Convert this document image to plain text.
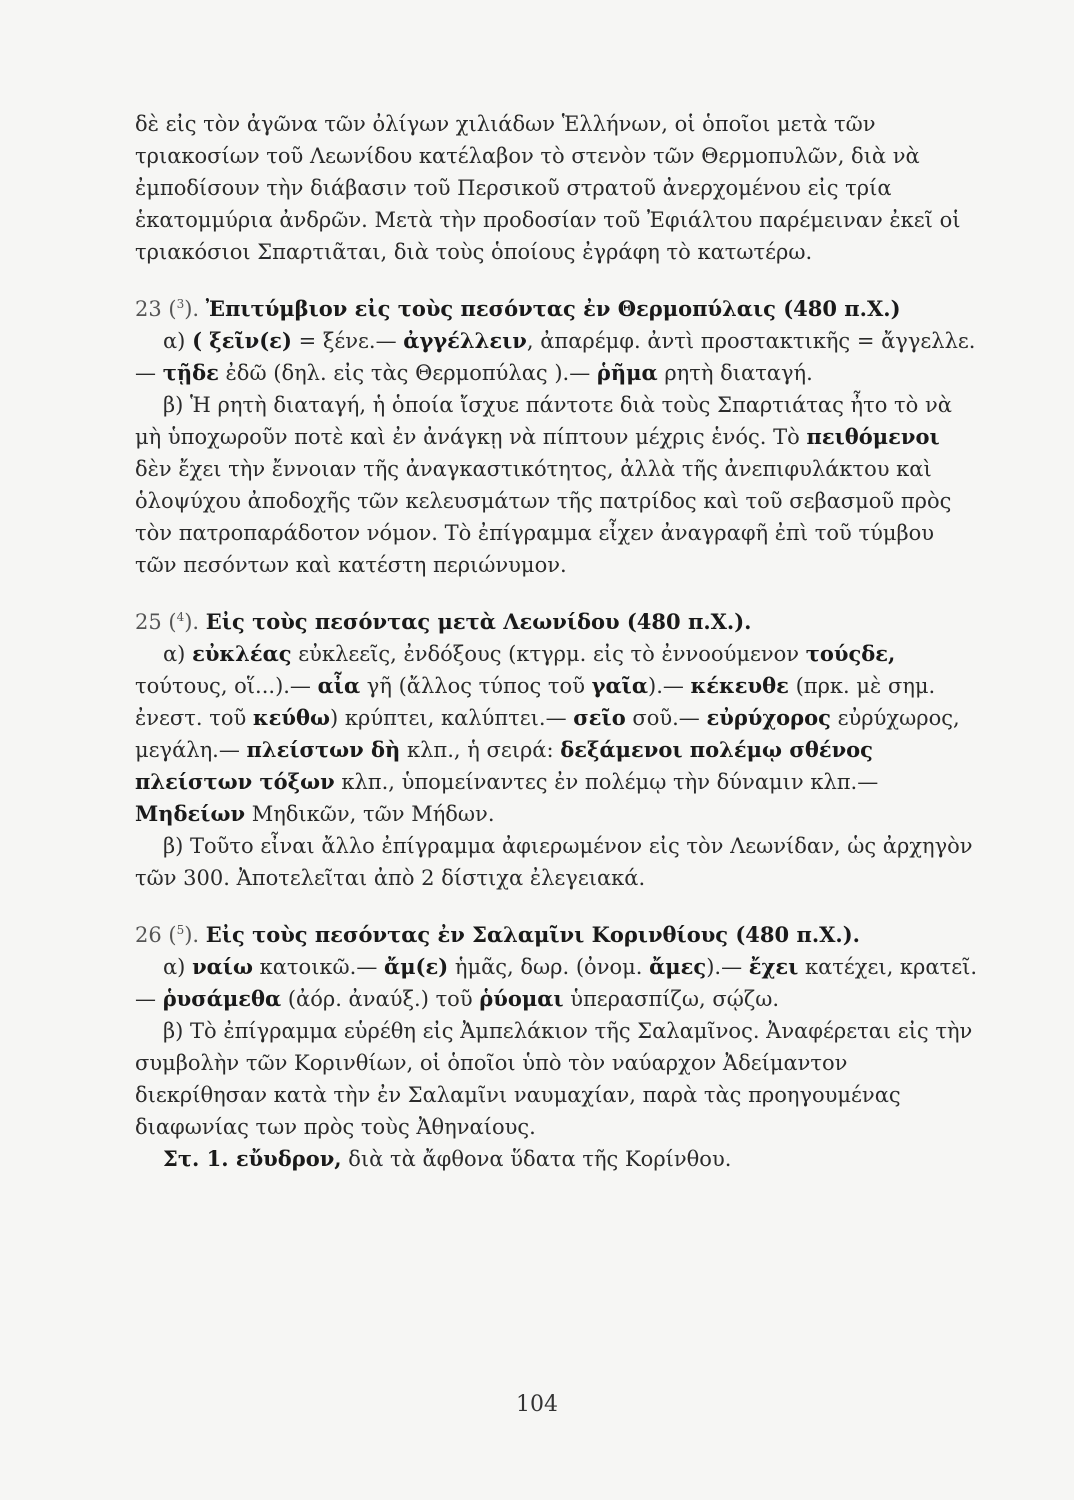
δὲ εἰς τὸν ἀγῶνα τῶν ὀλίγων χιλιάδων Ἑλλήνων, οἱ ὁποῖοι μετὰ τῶν τριακοσίων τοῦ Λεωνίδου κατέλαβον τὸ στενὸν τῶν Θερμοπυλῶν, διὰ νὰ ἐμποδίσουν τὴν διάβασιν τοῦ Περσικοῦ στρατοῦ ἀνερχομένου εἰς τρία ἑκατομμύρια ἀνδρῶν. Μετὰ τὴν προδοσίαν τοῦ Ἐφιάλτου παρέμειναν ἐκεῖ οἱ τριακόσιοι Σπαρτιᾶται, διὰ τοὺς ὁποίους ἐγράφη τὸ κατωτέρω.

23 ($^3$). Ἐπιτύμβιον εἰς τοὺς πεσόντας ἐν Θερμοπύλαις (480 π.Χ.)

α) ( ξεῖν(ε) = ξένε.— ἀγγέλλειν, ἀπαρέμφ. ἀντὶ προστακτικῆς = ἄγγελλε.— τῇδε ἐδῶ (δηλ. εἰς τὰς Θερμοπύλας ).— ῥῆμα ρητὴ διαταγή.

β) Ἡ ρητὴ διαταγή, ἡ ὁποία ἴσχυε πάντοτε διὰ τοὺς Σπαρτιάτας ἦτο τὸ νὰ μὴ ὑποχωροῦν ποτὲ καὶ ἐν ἀνάγκῃ νὰ πίπτουν μέχρις ἑνός. Τὸ πειθόμενοι δὲν ἔχει τὴν ἔννοιαν τῆς ἀναγκαστικότητος, ἀλλὰ τῆς ἀνεπιφυλάκτου καὶ ὁλοψύχου ἀποδοχῆς τῶν κελευσμάτων τῆς πατρίδος καὶ τοῦ σεβασμοῦ πρὸς τὸν πατροπαράδοτον νόμον. Τὸ ἐπίγραμμα εἶχεν ἀναγραφῆ ἐπὶ τοῦ τύμβου τῶν πεσόντων καὶ κατέστη περιώνυμον.

25 ($^4$). Εἰς τοὺς πεσόντας μετὰ Λεωνίδου (480 π.Χ.).

α) εὐκλέας εὐκλεεῖς, ἐνδόξους (κτγρμ. εἰς τὸ ἐννοούμενον τούςδε, τούτους, οἵ...).— αἶα γῆ (ἄλλος τύπος τοῦ γαῖα).— κέκευθε (πρκ. μὲ σημ. ἐνεστ. τοῦ κεύθω) κρύπτει, καλύπτει.— σεῖο σοῦ.— εὐρύχορος εὐρύχωρος, μεγάλη.— πλείστων δὴ κλπ., ἡ σειρά: δεξάμενοι πολέμῳ σθένος πλείστων τόξων κλπ., ὑπομείναντες ἐν πολέμῳ τὴν δύναμιν κλπ.— Μηδείων Μηδικῶν, τῶν Μήδων.

β) Τοῦτο εἶναι ἄλλο ἐπίγραμμα ἀφιερωμένον εἰς τὸν Λεωνίδαν, ὡς ἀρχηγὸν τῶν 300. Ἀποτελεῖται ἀπὸ 2 δίστιχα ἐλεγειακά.

26 ($^5$). Εἰς τοὺς πεσόντας ἐν Σαλαμῖνι Κορινθίους (480 π.Χ.).

α) ναίω κατοικῶ.— ἄμ(ε) ἡμᾶς, δωρ. (ὀνομ. ἄμες).— ἔχει κατέχει, κρατεῖ.— ῥυσάμεθα (ἀόρ. ἀναύξ.) τοῦ ῥύομαι ὑπερασπίζω, σῴζω.

β) Τὸ ἐπίγραμμα εὑρέθη εἰς Ἀμπελάκιον τῆς Σαλαμῖνος. Ἀναφέρεται εἰς τὴν συμβολὴν τῶν Κορινθίων, οἱ ὁποῖοι ὑπὸ τὸν ναύαρχον Ἀδείμαντον διεκρίθησαν κατὰ τὴν ἐν Σαλαμῖνι ναυμαχίαν, παρὰ τὰς προηγουμένας διαφωνίας των πρὸς τοὺς Ἀθηναίους.

Στ. 1. εὔυδρον, διὰ τὰ ἄφθονα ὕδατα τῆς Κορίνθου.

104
